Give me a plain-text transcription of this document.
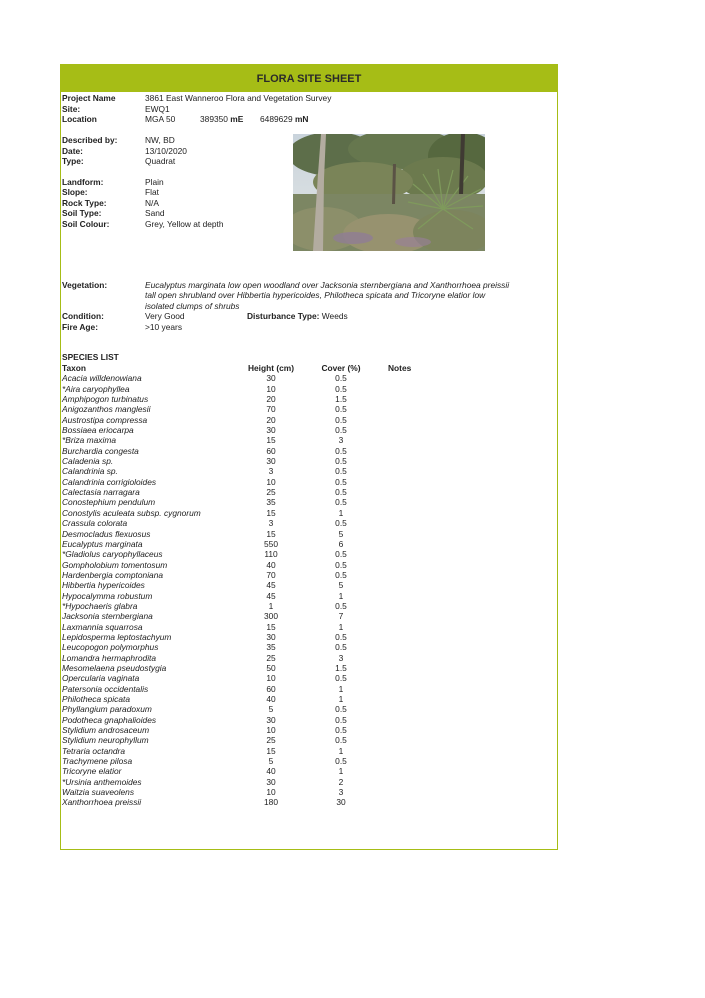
FLORA SITE SHEET
Project Name	3861 East Wanneroo Flora and Vegetation Survey
Site:	EWQ1
Location	MGA 50	389350 mE 6489629 mN
Described by:	NW, BD
Date:	13/10/2020
Type:	Quadrat
Landform:	Plain
Slope:	Flat
Rock Type:	N/A
Soil Type:	Sand
Soil Colour:	Grey, Yellow at depth
Vegetation:	Eucalyptus marginata low open woodland over Jacksonia sternbergiana and Xanthorrhoea preissii tall open shrubland over Hibbertia hypericoides, Philotheca spicata and Tricoryne elatior low isolated clumps of shrubs
Condition:	Very Good	Disturbance Type: Weeds
Fire Age:	>10 years
SPECIES LIST
Taxon	Height (cm)	Cover (%)	Notes
Acacia willdenowiana	30	0.5
*Aira caryophyllea	10	0.5
Amphipogon turbinatus	20	1.5
Anigozanthos manglesii	70	0.5
Austrostipa compressa	20	0.5
Bossiaea eriocarpa	30	0.5
*Briza maxima	15	3
Burchardia congesta	60	0.5
Caladenia sp.	30	0.5
Calandrinia sp.	3	0.5
Calandrinia corrigioloides	10	0.5
Calectasia narragara	25	0.5
Conostephium pendulum	35	0.5
Conostylis aculeata subsp. cygnorum	15	1
Crassula colorata	3	0.5
Desmocladus flexuosus	15	5
Eucalyptus marginata	550	6
*Gladiolus caryophyllaceus	110	0.5
Gompholobium tomentosum	40	0.5
Hardenbergia comptoniana	70	0.5
Hibbertia hypericoides	45	5
Hypocalymma robustum	45	1
*Hypochaeris glabra	1	0.5
Jacksonia sternbergiana	300	7
Laxmannia squarrosa	15	1
Lepidosperma leptostachyum	30	0.5
Leucopogon polymorphus	35	0.5
Lomandra hermaphrodita	25	3
Mesomelaena pseudostygia	50	1.5
Opercularia vaginata	10	0.5
Patersonia occidentalis	60	1
Philotheca spicata	40	1
Phyllangium paradoxum	5	0.5
Podotheca gnaphalioides	30	0.5
Stylidium androsaceum	10	0.5
Stylidium neurophyllum	25	0.5
Tetraria octandra	15	1
Trachymene pilosa	5	0.5
Tricoryne elatior	40	1
*Ursinia anthemoides	30	2
Waitzia suaveolens	10	3
Xanthorrhoea preissii	180	30
